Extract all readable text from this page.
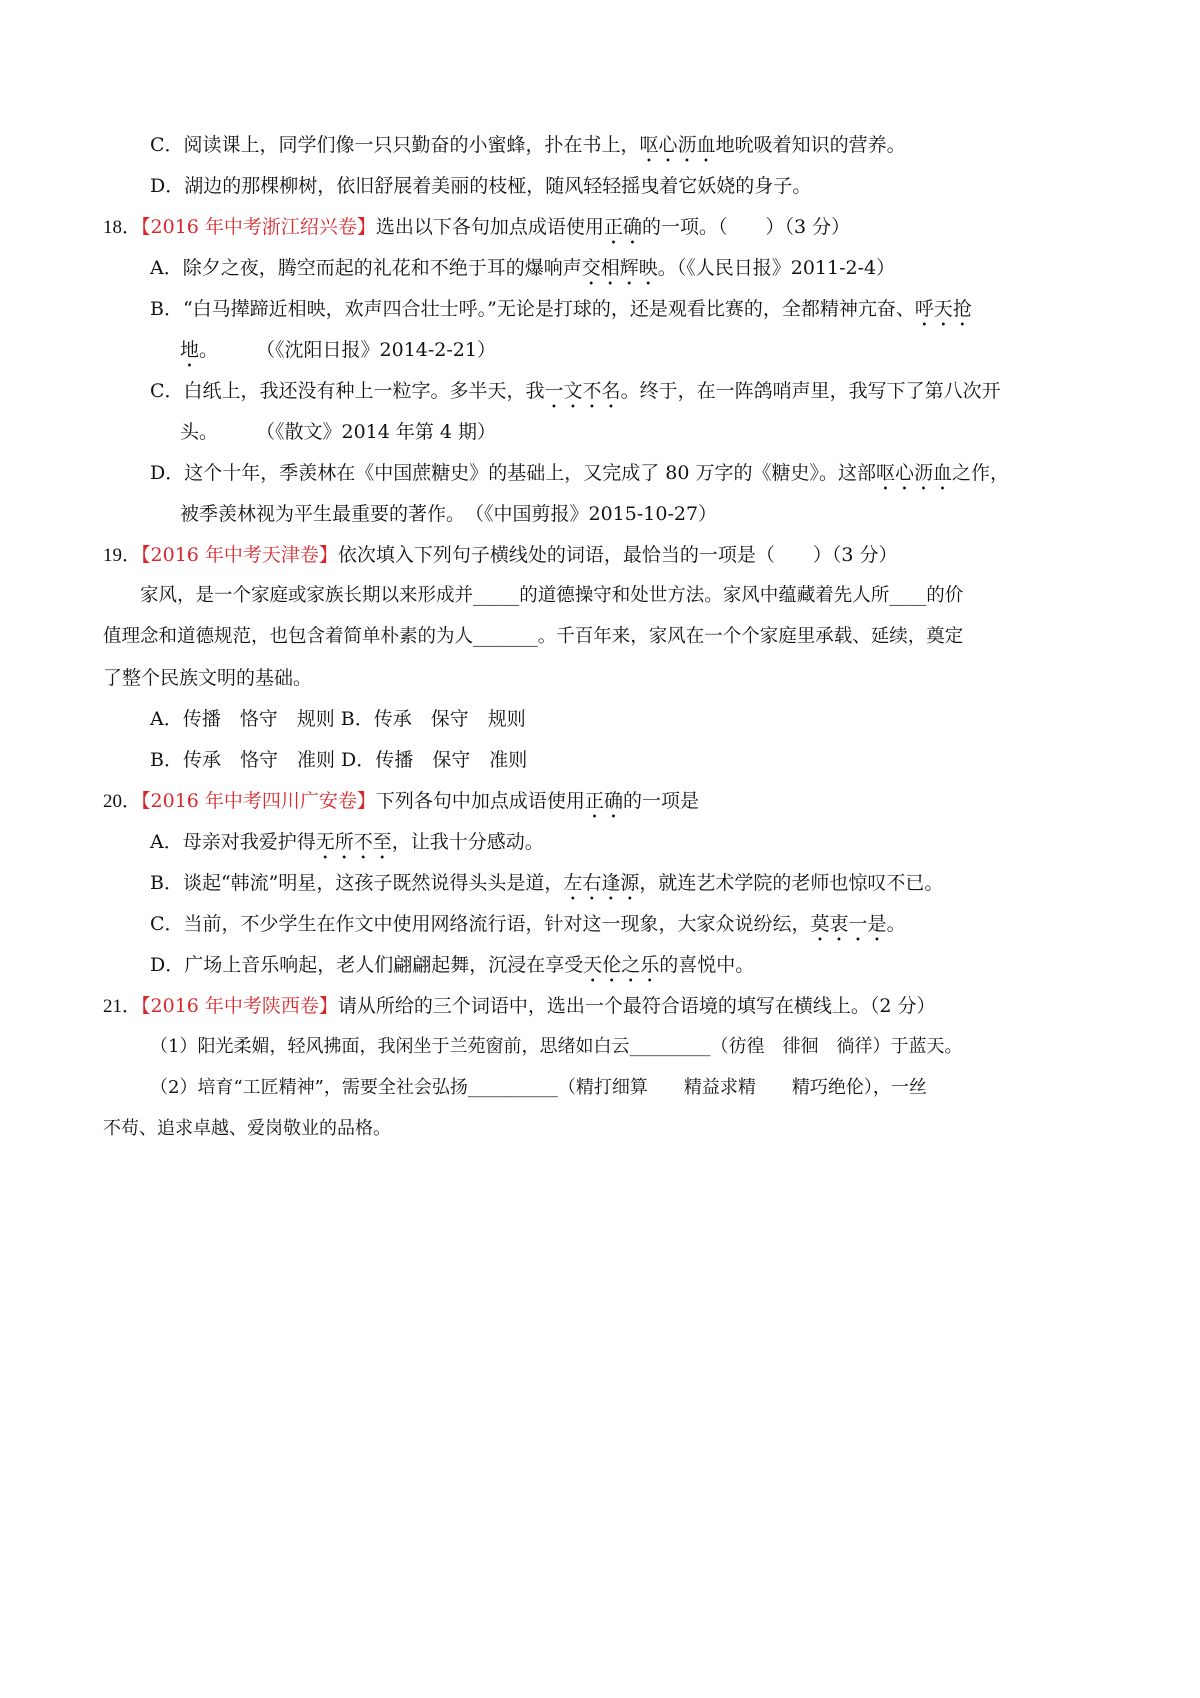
C．阅读课上，同学们像一只只勤奋的小蜜蜂，扑在书上，呕心沥血地吮吸着知识的营养。
D．湖边的那棵柳树，依旧舒展着美丽的枝桠，随风轻轻摇曳着它妖娆的身子。
18．【2016 年中考浙江绍兴卷】选出以下各句加点成语使用正确的一项。（　　）（3 分）
A．除夕之夜，腾空而起的礼花和不绝于耳的爆响声交相辉映。（《人民日报》2011-2-4）
B．“白马撵蹄近相映，欢声四合壮士呼。”无论是打球的，还是观看比赛的，全都精神亢奋、呼天抢
地。　　　（《沈阳日报》2014-2-21）
C．白纸上，我还没有种上一粒字。多半天，我一文不名。终于，在一阵鸽哨声里，我写下了第八次开
头。　　　（《散文》2014 年第 4 期）
D．这个十年，季羡林在《中国蔗糖史》的基础上，又完成了 80 万字的《糖史》。这部呕心沥血之作，
被季羡林视为平生最重要的著作。　（《中国剪报》2015-10-27）
19．【2016 年中考天津卷】依次填入下列句子横线处的词语，最恰当的一项是（　　）（3 分）
家风，是一个家庭或家族长期以来形成并_____的道德操守和处世方法。家风中蕴藏着先人所____的价
值理念和道德规范，也包含着简单朴素的为人_______。千百年来，家风在一个个家庭里承载、延续，奠定
了整个民族文明的基础。
A．传播　恪守　规则 B．传承　保守　规则
B．传承　恪守　准则 D．传播　保守　准则
20．【2016 年中考四川广安卷】下列各句中加点成语使用正确的一项是
A．母亲对我爱护得无所不至，让我十分感动。
B．谈起“韩流”明星，这孩子既然说得头头是道，左右逢源，就连艺术学院的老师也惊叹不已。
C．当前，不少学生在作文中使用网络流行语，针对这一现象，大家众说纷纭，莫衷一是。
D．广场上音乐响起，老人们翩翩起舞，沉浸在享受天伦之乐的喜悦中。
21．【2016 年中考陕西卷】请从所给的三个词语中，选出一个最符合语境的填写在横线上。（2 分）
（1）阳光柔媚，轻风拂面，我闲坐于兰苑窗前，思绪如白云_________（彷徨　徘徊　徜徉）于蓝天。
（2）培育“工匠精神”，需要全社会弘扬__________（精打细算　　精益求精　　精巧绝伦），一丝
不苟、追求卓越、爱岗敬业的品格。
